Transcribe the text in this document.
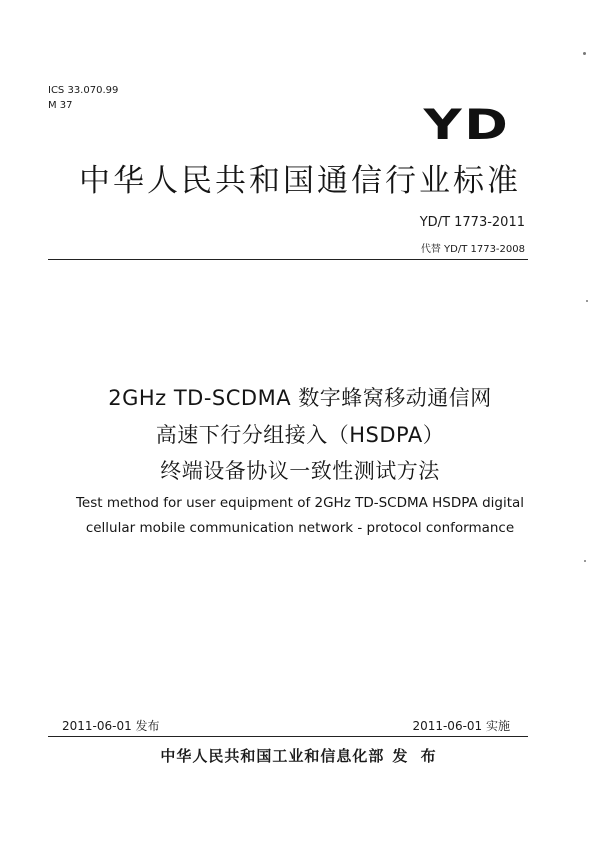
ICS 33.070.99
M 37	YD
中华人民共和国通信行业标准
YD/T 1773-2011
代替 YD/T 1773-2008
2GHz TD-SCDMA 数字蜂窝移动通信网
高速下行分组接入（HSDPA）
终端设备协议一致性测试方法
Test method for user equipment of 2GHz TD-SCDMA HSDPA digital
cellular mobile communication network - protocol conformance
2011-06-01 发布	2011-06-01 实施
中华人民共和国工业和信息化部 发 布
